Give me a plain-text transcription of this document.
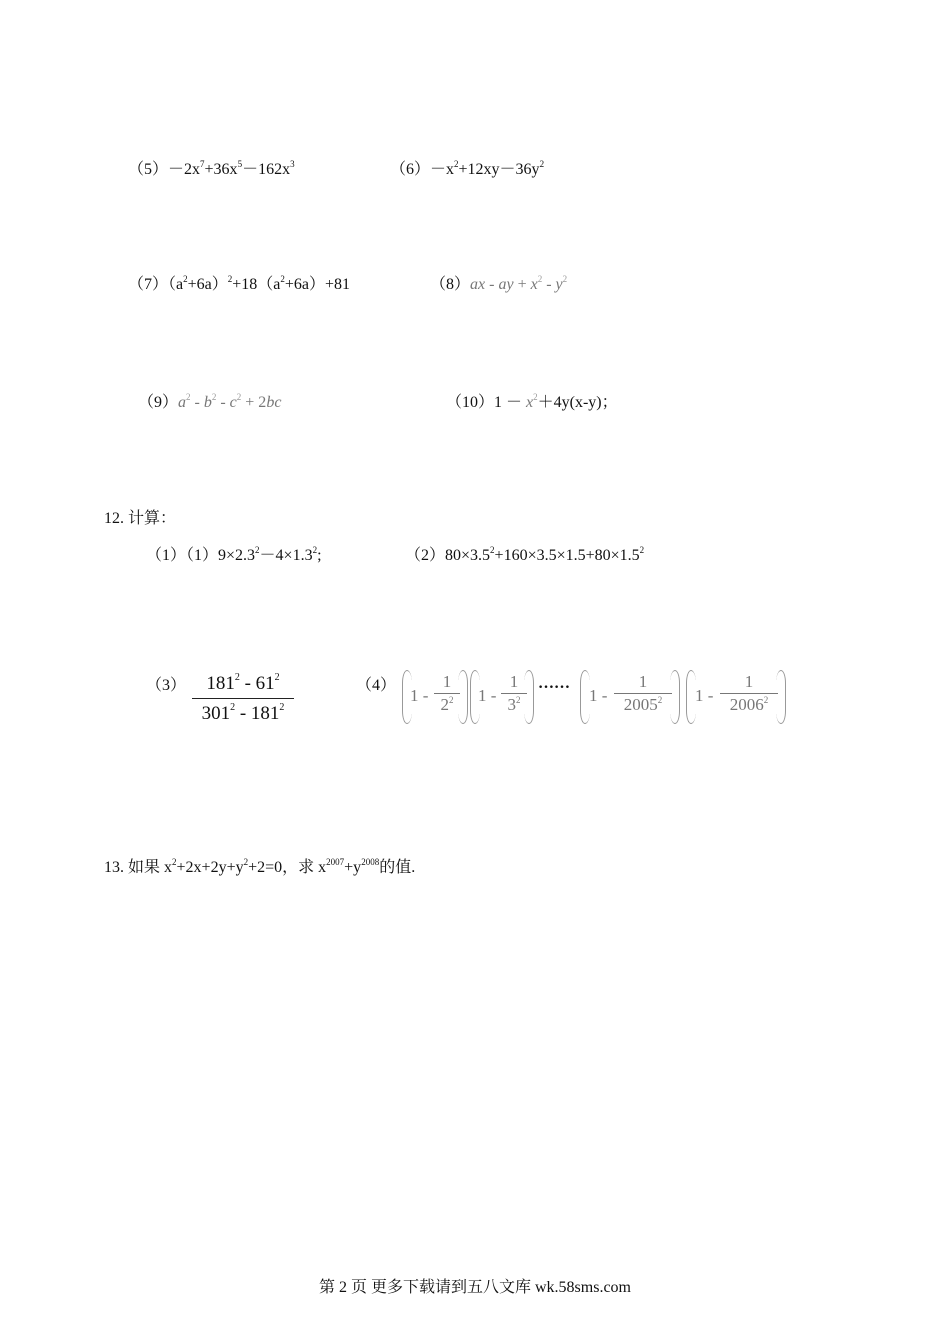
$(5)-2x^7+36x^5-162x^3$	$(6)-x^2+12xy-36y^2$
$(7)(a^2+6a)^2+18(a^2+6a)+81$	（8）ax - ay + $x^2 - y^2$
$(9)a^2 - b^2 - c^2 + 2bc$	$(10)1 - x^2+4y(x-y)$；
12. 计算：
$(1)(1)9\times 2.3^2-4\times 1.3^2$;	$(2)80\times 3.5^2+160\times 3.5\times 1.5+80\times 1.5^2$
（3）	$181^2 - 61^2$
$301^2 - 181^2$
（4）
1 -
1
$2^2$	1 -
1
$3^2$
……
1 -
1
2005$^2$	1 -
1
2006$^2$
13. 如果 $x^2+2x+2y+y^2+2=0$，求 $x^{2007}+y^{2008}$的值.
第 2 页 更多下载请到五八文库 wk.58sms.com
